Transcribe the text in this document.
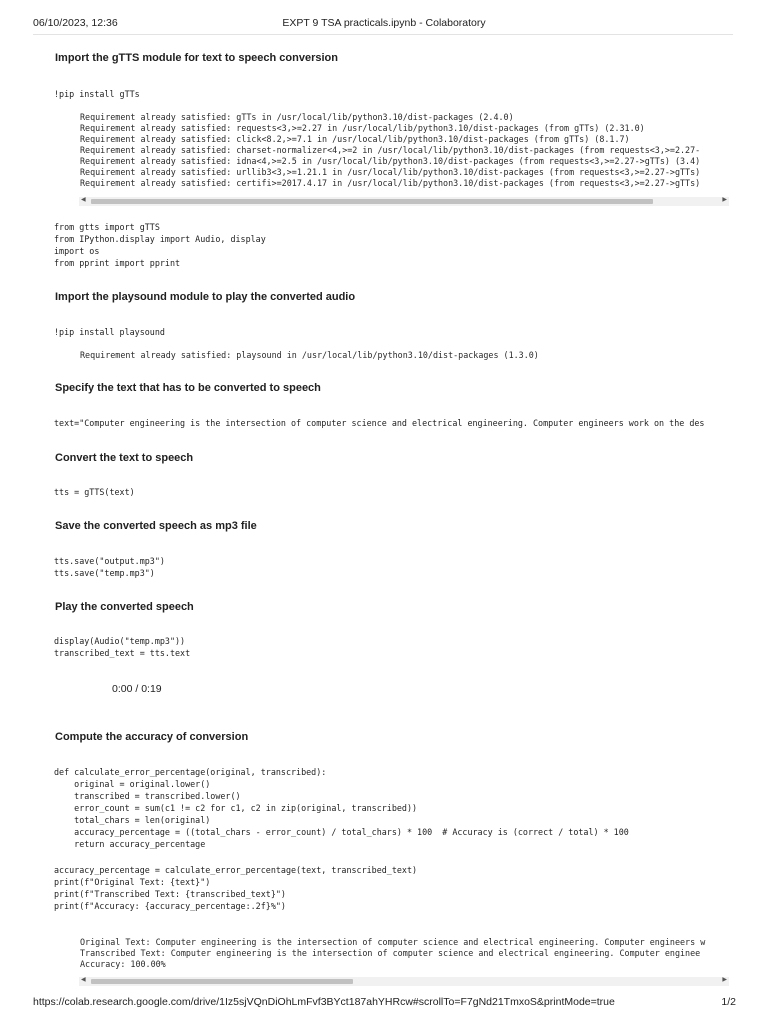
06/10/2023, 12:36	EXPT 9 TSA practicals.ipynb - Colaboratory
Import the gTTS module for text to speech conversion
!pip install gTTs
Requirement already satisfied: gTTs in /usr/local/lib/python3.10/dist-packages (2.4.0)
Requirement already satisfied: requests<3,>=2.27 in /usr/local/lib/python3.10/dist-packages (from gTTs) (2.31.0)
Requirement already satisfied: click<8.2,>=7.1 in /usr/local/lib/python3.10/dist-packages (from gTTs) (8.1.7)
Requirement already satisfied: charset-normalizer<4,>=2 in /usr/local/lib/python3.10/dist-packages (from requests<3,>=2.27-
Requirement already satisfied: idna<4,>=2.5 in /usr/local/lib/python3.10/dist-packages (from requests<3,>=2.27->gTTs) (3.4)
Requirement already satisfied: urllib3<3,>=1.21.1 in /usr/local/lib/python3.10/dist-packages (from requests<3,>=2.27->gTTs)
Requirement already satisfied: certifi>=2017.4.17 in /usr/local/lib/python3.10/dist-packages (from requests<3,>=2.27->gTTs)
◀	▶
from gtts import gTTS
from IPython.display import Audio, display
import os
from pprint import pprint
Import the playsound module to play the converted audio
!pip install playsound
Requirement already satisfied: playsound in /usr/local/lib/python3.10/dist-packages (1.3.0)
Specify the text that has to be converted to speech
text="Computer engineering is the intersection of computer science and electrical engineering. Computer engineers work on the des
Convert the text to speech
tts = gTTS(text)
Save the converted speech as mp3 file
tts.save("output.mp3")
tts.save("temp.mp3")
Play the converted speech
display(Audio("temp.mp3"))
transcribed_text = tts.text
0:00 / 0:19
Compute the accuracy of conversion
def calculate_error_percentage(original, transcribed):
original = original.lower()
transcribed = transcribed.lower()
error_count = sum(c1 != c2 for c1, c2 in zip(original, transcribed))
total_chars = len(original)
accuracy_percentage = ((total_chars - error_count) / total_chars) * 100  # Accuracy is (correct / total) * 100
return accuracy_percentage
accuracy_percentage = calculate_error_percentage(text, transcribed_text)
print(f"Original Text: {text}")
print(f"Transcribed Text: {transcribed_text}")
print(f"Accuracy: {accuracy_percentage:.2f}%")
Original Text: Computer engineering is the intersection of computer science and electrical engineering. Computer engineers w
Transcribed Text: Computer engineering is the intersection of computer science and electrical engineering. Computer enginee
Accuracy: 100.00%
◀	▶
https://colab.research.google.com/drive/1Iz5sjVQnDiOhLmFvf3BYct187ahYHRcw#scrollTo=F7gNd21TmxoS&printMode=true	1/2
